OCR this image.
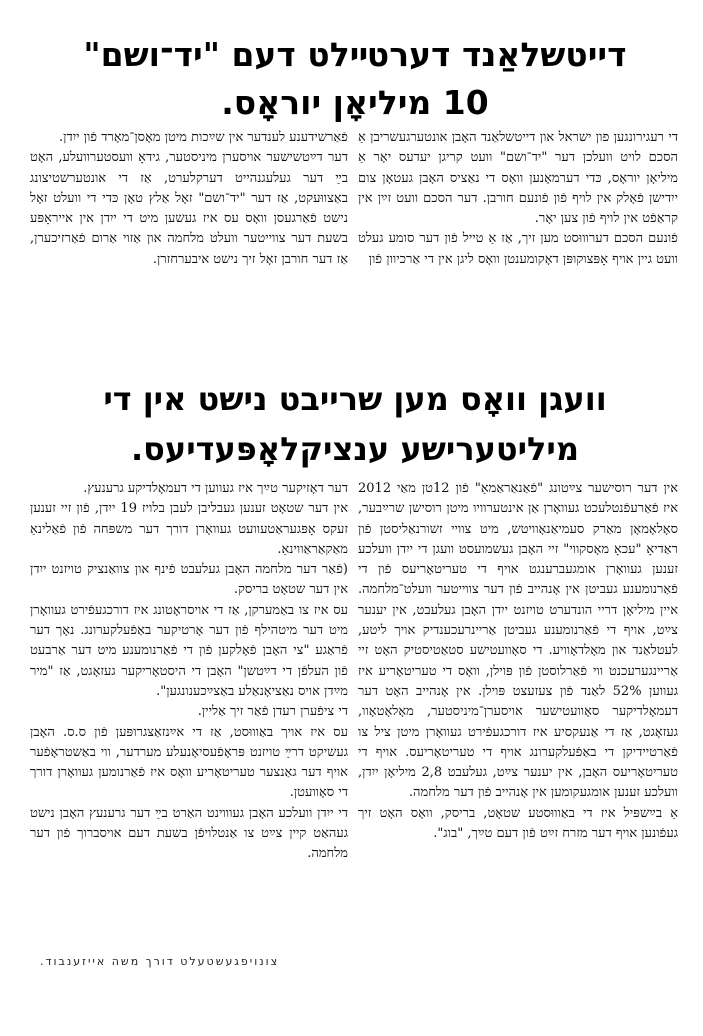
דייטשלאַנד דערטײלט דעם "יד־ושם"
10 מיליאָן יוראָס.

די רעגירונגען פון ישראל און דייטשלאַנד האָבן אונטערגעשריבן אַ הסכם לויט וועלכן דער "יד־ושם" וועט קריגן יעדעס יאָר אַ מיליאָן יוראָס, כּדי דערמאָנען וואָס די נאַציס האָבן געטאָן צום ייִדישן פֿאָלק אין לויף פֿון פֿונעם חורבן. דער הסכם וועט זײַן אין קראַפֿט אין לויף פֿון צען יאָר.

פֿונעם הסכם דערוווּסט מען זיך, אַז אַ טייל פֿון דער סומע געלט וועט גיין אויף אָפּצוקופּן דאָקומענטן וואָס ליגן אין די אַרכיוון פֿון

פֿאַרשידענע לענדער אין שײַכות מיטן מאָסן־מאָרד פֿון ייִדן.

דער דײַטשישער אויסערן מיניסטער, גידאָ וועסטערוועלע, האָט בײַ דער געלעגנהייט דערקלערט, אַז די אונטערשטיצונג באַצווּעקט, אַז דער "יד־ושם" זאָל אַלץ טאָן כּדי די וועלט זאָל נישט פֿאַרגעסן וואָס עס איז געשען מיט די ייִדן אין אייראָפּע בשעת דער צווייטער וועלט מלחמה און אַזוי אַרום פֿאַרזיכערן, אַז דער חורבן זאָל זיך נישט איבערחזרן.

וועגן וואָס מען שרייבט נישט אין די
מיליטערישע ענציקלאָפּעדיעס.

אין דער רוסישער צײַטונג "פֿאַנאַראַמאַ" פֿון 12טן מאַי 2012 איז פֿאַרעפֿנטלעכט געוואָרן אַן אינטערוויו מיטן רוסישן שרײַבער, סאָלאָמאָן מאַרק סעמיאַנאָוויטש, מיט צוויי זשורנאַליסטן פֿון ראַדיאָ "עכאָ מאָסקווי" זיי האָבן געשמועסט וועגן די ייִדן וועלכע זענען געוואָרן אומגעברענגט אויף די טעריטאָריעס פֿון די פֿאַרנומענע געביטן אין אָנהייב פֿון דער צווייטער וועלט־מלחמה. איין מיליאָן דריי הונדערט טויזנט ייִדן האָבן געלעבט, אין יענער צײַט, אויף די פֿאַרנומענע געביטן אַריינרעכענדיק אויך ליטע, לעטלאַנד און מאָלדאָוויע. די סאָוועטישע סטאַטיסטיק האָט זיי אַריינגערעכנט ווי פֿאַרלוסטן פֿון פּוילן, וואָס די טעריטאָריע איז געווען 52% לאַנד פֿון צעזעצט פּוילן. אין אָנהייב האָט דער דעמאָלדיקער סאָוועטישער אויסערן־מיניסטער, מאָלאָטאָוו, געזאָגט, אַז די אַנעקסיע איז דורכגעפֿירט געוואָרן מיטן ציל צו פֿאַרטיידיקן די באַפֿעלקערונג אויף די טעריטאָריעס. אויף די טעריטאָריעס האָבן, אין יענער צײַט, געלעבט 2,8 מיליאָן ייִדן, וועלכע זענען אומגעקומען אין אָנהייב פֿון דער מלחמה.

אַ בײַשפּיל איז די באַוווּסטע שטאָט, בריסק, וואָס האָט זיך געפֿונען אויף דער מזרח זײַט פֿון דעם טײַך, "בוג".

דער דאָזיקער טײַך איז געווען די דעמאָלדיקע גרענעץ.

אין דער שטאָט זענען געבליבן לעבן בלויז 19 ייִדן, פֿון זיי זענען זעקס אָפּגעראַטעוועט געוואָרן דורך דער משפּחה פֿון פֿאַלינאַ מאַקאַראַווינאַ.

(פֿאַר דער מלחמה האָבן געלעבט פֿינף און צוואַנציק טויזנט ייִדן אין דער שטאָט בריסק.

עס איז צו באַמערקן, אַז די אויסראָטונג איז דורכגעפֿירט געוואָרן מיט דער מיטהילף פֿון דער אָרטיקער באַפֿעלקערונג. נאָך דער פֿראַגע "צי האָבן פֿאָלקען פֿון די פֿאַרנומענע מיט דער אַרבעט פֿון העלפֿן די דײַטשן" האָבן די היסטאָריקער געזאָגט, אַז "מיר מײַדן אויס נאַציאָנאַלע באַצײַכענונגען".

די ציפֿערן רעדן פֿאַר זיך אַליין.

עס איז אויך באַוווּסט, אַז די אײַנזאַצגרופּען פֿון ס.ס. האָבן געשיקט דרײַ טויזנט פּראָפֿעסיאָנעלע מערדער, ווי באַשטראָפֿער אויף דער גאַנצער טעריטאָריע וואָס איז פֿאַרנומען געוואָרן דורך די סאָוועטן.

די ייִדן וועלכע האָבן געוווינט האַרט בײַ דער גרענעץ האָבן נישט געהאַט קיין צײַט צו אַנטלויפֿן בשעת דעם אויסברוך פֿון דער מלחמה.

צונויפגעשטעלט דורך משה אייזענבוד.
